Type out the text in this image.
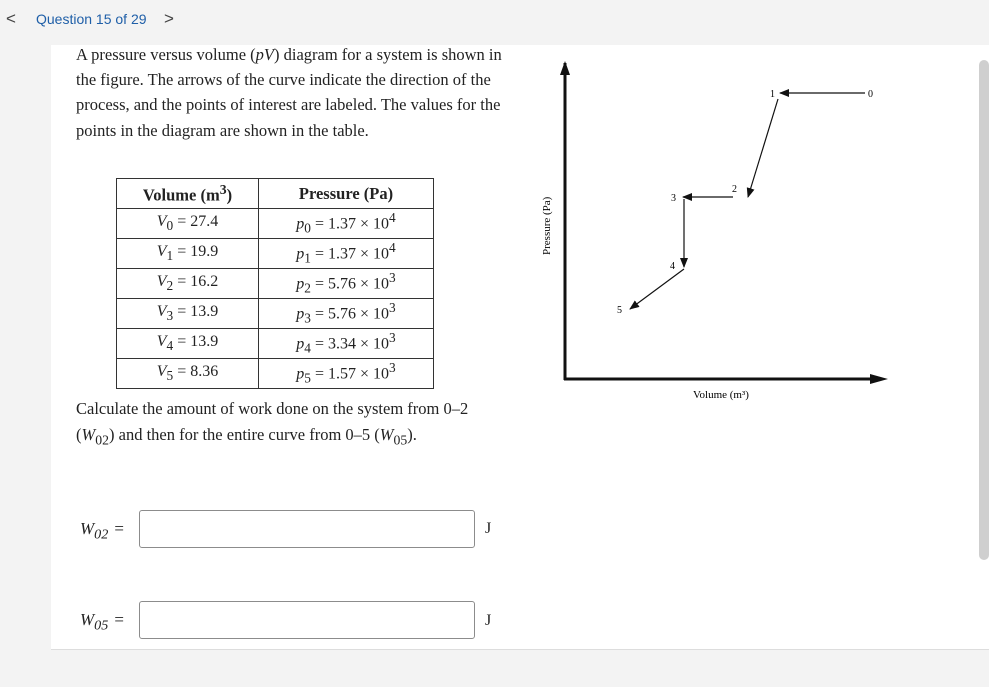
< Question 15 of 29 >
A pressure versus volume (pV) diagram for a system is shown in the figure. The arrows of the curve indicate the direction of the process, and the points of interest are labeled. The values for the points in the diagram are shown in the table.
Volume $(m^3)$	Pressure (Pa)
$V_0 = 27.4$	$p_0 = 1.37 \times 10^4$
$V_1 = 19.9$	$p_1 = 1.37 \times 10^4$
$V_2 = 16.2$	$p_2 = 5.76 \times 10^3$
$V_3 = 13.9$	$p_3 = 5.76 \times 10^3$
$V_4 = 13.9$	$p_4 = 3.34 \times 10^3$
$V_5 = 8.36$	$p_5 = 1.57 \times 10^3$
Calculate the amount of work done on the system from 0–2 $(W_{02})$ and then for the entire curve from 0–5 $(W_{05})$.
$W_{02}$ =	J
$W_{05}$ =	J
0
1
2
3
4
5
Pressure (Pa)
Volume (m³)
